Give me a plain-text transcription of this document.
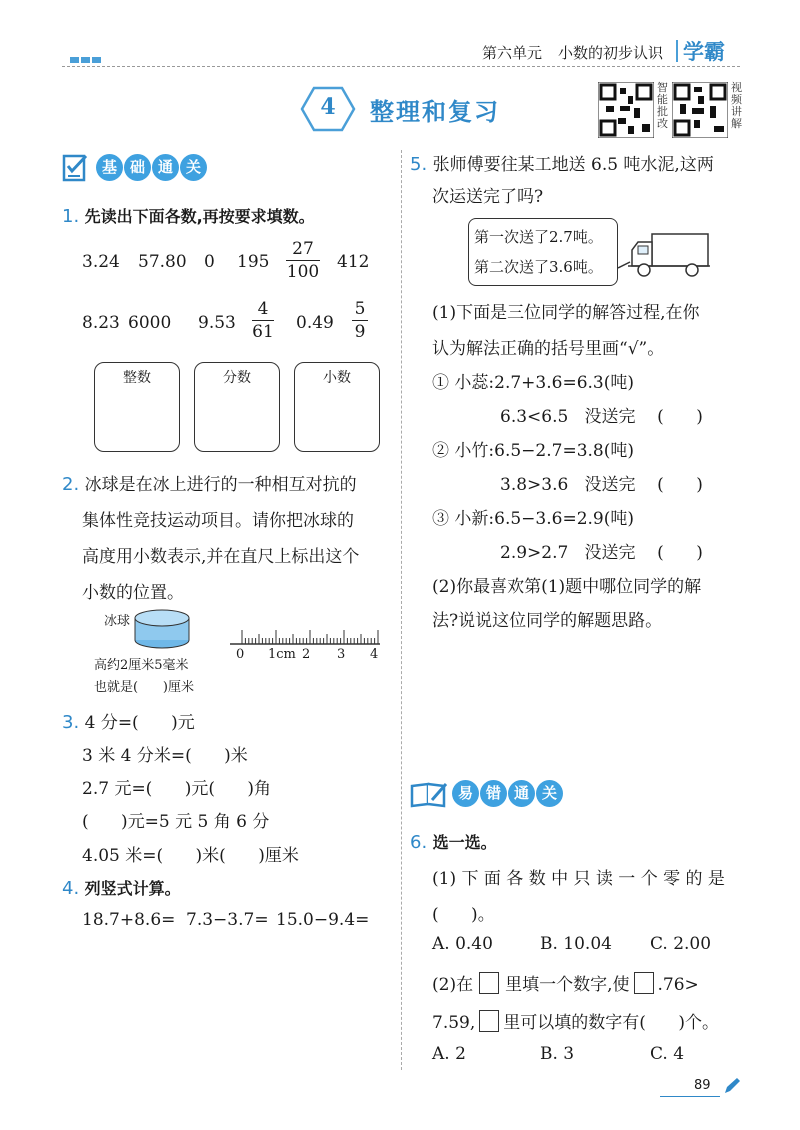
第六单元 小数的初步认识 学霸
4	整理和复习
智能批改
视频讲解
基 础 通 关
1. 先读出下面各数,再按要求填数。
3.24 57.80 0 $195 \frac{27}{100} 412$
8.23 6000 $9.53 \frac{4}{61} 0.49 \frac{5}{9}$
整数	分数	小数
2. 冰球是在冰上进行的一种相互对抗的
集体性竞技运动项目。请你把冰球的
高度用小数表示,并在直尺上标出这个
小数的位置。
冰球
高约2厘米5毫米
也就是(      )厘米
0 1cm 2 3 4
3. 4 分=(      )元
3 米 4 分米=(      )米
2.7 元=(      )元(      )角
(      )元=5 元 5 角 6 分
4.05 米=(      )米(      )厘米
4. 列竖式计算。
18.7+8.6= 7.3−3.7= 15.0−9.4=
5. 张师傅要往某工地送 6.5 吨水泥,这两
次运送完了吗?
第一次送了2.7吨。
第二次送了3.6吨。
(1)下面是三位同学的解答过程,在你
认为解法正确的括号里画“√”。
① 小蕊:2.7+3.6=6.3(吨)
6.3<6.5   没送完    (      )
② 小竹:6.5−2.7=3.8(吨)
3.8>3.6   没送完    (      )
③ 小新:6.5−3.6=2.9(吨)
2.9>2.7   没送完    (      )
(2)你最喜欢第(1)题中哪位同学的解
法?说说这位同学的解题思路。
易 错 通 关
6. 选一选。
(1) 下 面 各 数 中 只 读 一 个 零 的 是
(      )。
A. 0.40	B. 10.04 C. 2.00
(2)在 里填一个数字,使 .76>
7.59, 里可以填的数字有(      )个。
A. 2	B. 3	C. 4
89
